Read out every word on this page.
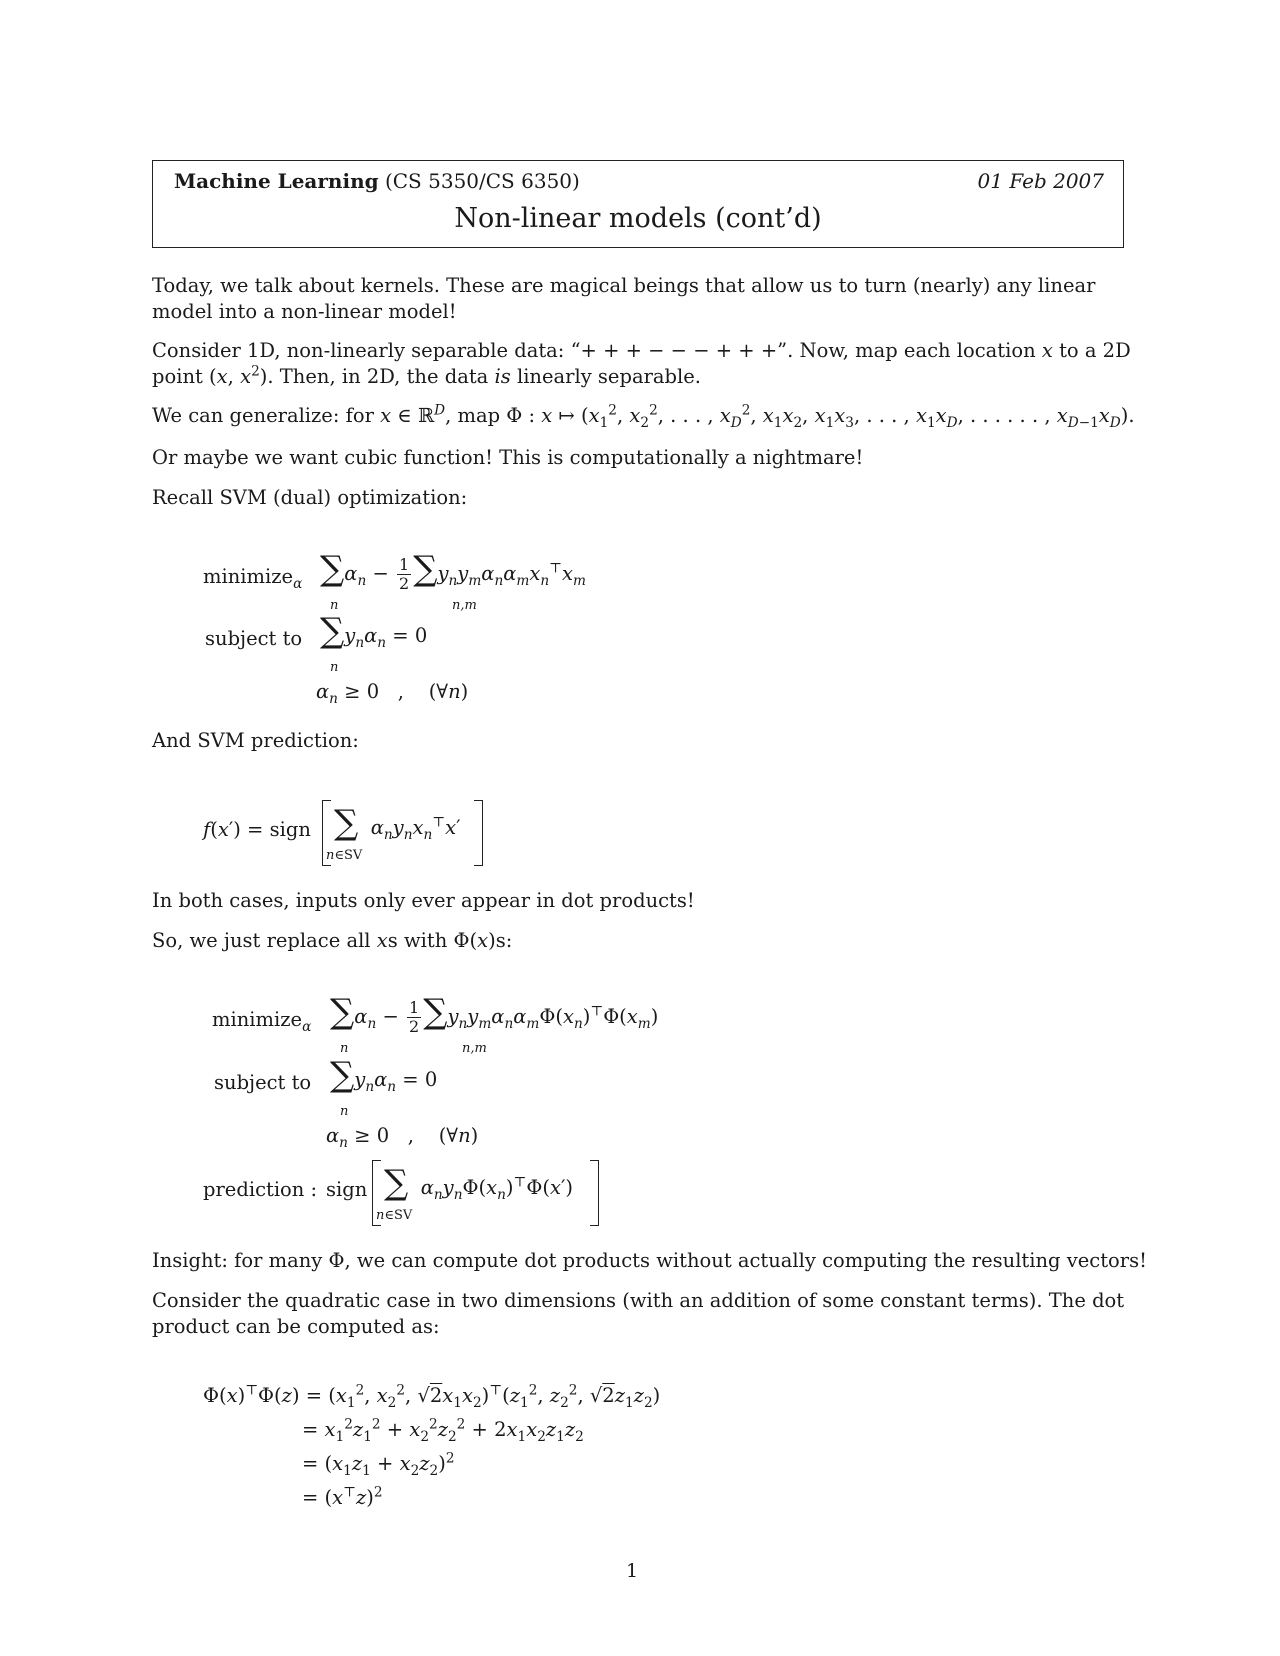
Machine Learning (CS 5350/CS 6350)	01 Feb 2007
Non-linear models (cont’d)

Today, we talk about kernels. These are magical beings that allow us to turn (nearly) any linear model into a non-linear model!

Consider 1D, non-linearly separable data: “+ + + − − − + + +”. Now, map each location x to a 2D point (x, $x^2$). Then, in 2D, the data is linearly separable.

We can generalize: for x ∈ ℝ$^D$, map Φ : x ↦ ($x_1^2$, $x_2^2$, . . . , $x_D^2$, $x_1x_2$, $x_1x_3$, . . . , $x_1x_D$, . . . . . . , $x_{D-1}x_D$).

Or maybe we want cubic function! This is computationally a nightmare!

Recall SVM (dual) optimization:

minimize$_\alpha$ $\sum\alpha_n - \frac{1}{2} \sum y_ny_m\alpha_n\alpha_mx_n^⊤x_m$
n	n,m
subject to $\sum y_n\alpha_n = 0$
n
$\alpha_n \ge 0$   ,    (∀n)

And SVM prediction:

f(x′) = sign ∑ $\alpha_ny_nx_n^⊤x'$
n∈SV

In both cases, inputs only ever appear in dot products!

So, we just replace all xs with Φ(x)s:

minimize$_\alpha$ $\sum\alpha_n - \frac{1}{2} \sum y_ny_m\alpha_n\alpha_m\Phi(x_n)^⊤\Phi(x_m)$
n	n,m
subject to $\sum y_n\alpha_n = 0$
n
$\alpha_n \ge 0$   ,    (∀n)
prediction : sign ∑ $\alpha_ny_n\Phi(x_n)^⊤\Phi(x')$
n∈SV

Insight: for many Φ, we can compute dot products without actually computing the resulting vectors!

Consider the quadratic case in two dimensions (with an addition of some constant terms). The dot product can be computed as:

$\Phi(x)^⊤\Phi(z) = (x_1^2$, $x_2^2$, $√2x_1x_2)^⊤(z_1^2$, $z_2^2$, $√2z_1z_2$)
= $x_1^2z_1^2 + x_2^2z_2^2 + 2x_1x_2z_1z_2$
= $(x_1z_1 + x_2z_2)^2$
= $(x^⊤z)^2$
1
